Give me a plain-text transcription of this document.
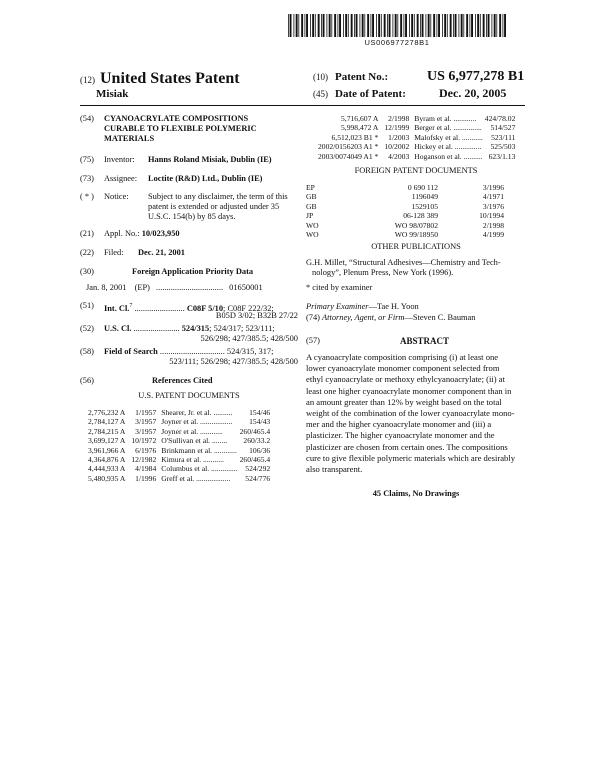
US006977278B1
(12) United States Patent
Misiak
(10) Patent No.:	US 6,977,278 B1
(45) Date of Patent:	Dec. 20, 2005
(54)	CYANOACRYLATE COMPOSITIONS
CURABLE TO FLEXIBLE POLYMERIC
MATERIALS
(75)	Inventor: Hanns Roland Misiak, Dublin (IE)
(73)	Assignee: Loctite (R&D) Ltd., Dublin (IE)
( * )	Notice: Subject to any disclaimer, the term of this
patent is extended or adjusted under 35
U.S.C. 154(b) by 85 days.
(21)	Appl. No.: 10/023,950
(22)	Filed: Dec. 21, 2001
(30)	Foreign Application Priority Data
Jan. 8, 2001 (EP) ................................ 01650001
(51)	Int. Cl.$^7$ ........................ C08F 5/10; C08F 222/32;
B05D 3/02; B32B 27/22
(52)	U.S. Cl. ...................... 524/315; 524/317; 523/111;
526/298; 427/385.5; 428/500
(58)	Field of Search ............................... 524/315, 317;
523/111; 526/298; 427/385.5; 428/500
(56)	References Cited
U.S. PATENT DOCUMENTS
2,776,232 A	1/1957	Shearer, Jr. et al. ..........	154/46
2,784,127 A	3/1957	Joyner et al. .................	154/43
2,784,215 A	3/1957	Joyner et al. ............	260/465.4
3,699,127 A	10/1972	O'Sullivan et al. ........	260/33.2
3,961,966 A	6/1976	Brinkmann et al. ............	106/36
4,364,876 A	12/1982	Kimura et al. ...........	260/465.4
4,444,933 A	4/1984	Columbus et al. ..............	524/292
5,480,935 A	1/1996	Greff et al. ..................	524/776
5,716,607 A	2/1998	Byram et al. ............	424/78.02
5,998,472 A	12/1999	Berger et al. ...............	514/527
6,512,023 B1 *	1/2003	Malofsky et al. ...........	523/111
2002/0156203 A1 *	10/2002	Hickey et al. ..............	525/503
2003/0074049 A1 *	4/2003	Hoganson et al. ..........	623/1.13
FOREIGN PATENT DOCUMENTS
EP	0 690 112	3/1996
GB	1196049	4/1971
GB	1529105	3/1976
JP	06-128 389	10/1994
WO	WO 98/07802	2/1998
WO	WO 99/18950	4/1999
OTHER PUBLICATIONS
G.H. Millet, “Structural Adhesives—Chemistry and Tech-
nology”, Plenum Press, New York (1996).
* cited by examiner
Primary Examiner—Tae H. Yoon
(74) Attorney, Agent, or Firm—Steven C. Bauman
(57)	ABSTRACT
A cyanoacrylate composition comprising (i) at least one
lower cyanoacrylate monomer component selected from
ethyl cyanoacrylate or methoxy ethylcyanoacrylate; (ii) at
least one higher cyanoacrylate monomer component than in
an amount greater than 12% by weight based on the total
weight of the combination of the lower cyanoacrylate mono-
mer and the higher cyanoacrylate monomer and (iii) a
plasticizer. The higher cyanoacrylate monomer and the
plasticizer are chosen from certain ones. The compositions
cure to give flexible polymeric materials which are desirably
also transparent.
45 Claims, No Drawings
